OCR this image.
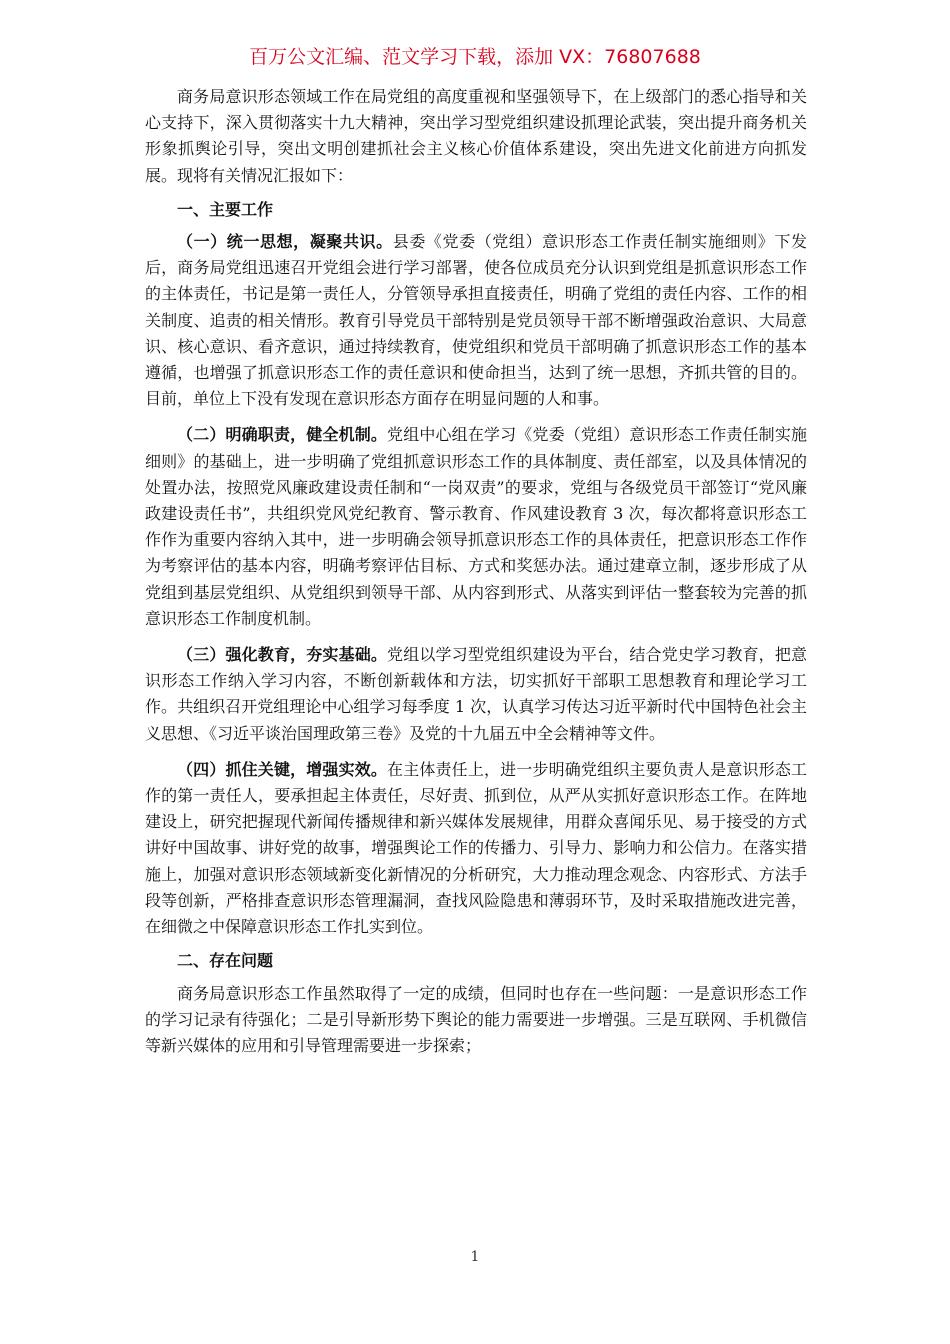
百万公文汇编、范文学习下载，添加 VX：76807688

商务局意识形态领域工作在局党组的高度重视和坚强领导下，在上级部门的悉心指导和关心支持下，深入贯彻落实十九大精神，突出学习型党组织建设抓理论武装，突出提升商务机关形象抓舆论引导，突出文明创建抓社会主义核心价值体系建设，突出先进文化前进方向抓发展。现将有关情况汇报如下：

一、主要工作

（一）统一思想，凝聚共识。县委《党委（党组）意识形态工作责任制实施细则》下发后，商务局党组迅速召开党组会进行学习部署，使各位成员充分认识到党组是抓意识形态工作的主体责任，书记是第一责任人，分管领导承担直接责任，明确了党组的责任内容、工作的相关制度、追责的相关情形。教育引导党员干部特别是党员领导干部不断增强政治意识、大局意识、核心意识、看齐意识，通过持续教育，使党组织和党员干部明确了抓意识形态工作的基本遵循，也增强了抓意识形态工作的责任意识和使命担当，达到了统一思想，齐抓共管的目的。目前，单位上下没有发现在意识形态方面存在明显问题的人和事。

（二）明确职责，健全机制。党组中心组在学习《党委（党组）意识形态工作责任制实施细则》的基础上，进一步明确了党组抓意识形态工作的具体制度、责任部室，以及具体情况的处置办法，按照党风廉政建设责任制和“一岗双责”的要求，党组与各级党员干部签订“党风廉政建设责任书”，共组织党风党纪教育、警示教育、作风建设教育 3 次，每次都将意识形态工作作为重要内容纳入其中，进一步明确会领导抓意识形态工作的具体责任，把意识形态工作作为考察评估的基本内容，明确考察评估目标、方式和奖惩办法。通过建章立制，逐步形成了从党组到基层党组织、从党组织到领导干部、从内容到形式、从落实到评估一整套较为完善的抓意识形态工作制度机制。

（三）强化教育，夯实基础。党组以学习型党组织建设为平台，结合党史学习教育，把意识形态工作纳入学习内容，不断创新载体和方法，切实抓好干部职工思想教育和理论学习工作。共组织召开党组理论中心组学习每季度 1 次，认真学习传达习近平新时代中国特色社会主义思想、《习近平谈治国理政第三卷》及党的十九届五中全会精神等文件。

（四）抓住关键，增强实效。在主体责任上，进一步明确党组织主要负责人是意识形态工作的第一责任人，要承担起主体责任，尽好责、抓到位，从严从实抓好意识形态工作。在阵地建设上，研究把握现代新闻传播规律和新兴媒体发展规律，用群众喜闻乐见、易于接受的方式讲好中国故事、讲好党的故事，增强舆论工作的传播力、引导力、影响力和公信力。在落实措施上，加强对意识形态领域新变化新情况的分析研究，大力推动理念观念、内容形式、方法手段等创新，严格排查意识形态管理漏洞，查找风险隐患和薄弱环节，及时采取措施改进完善，在细微之中保障意识形态工作扎实到位。

二、存在问题

商务局意识形态工作虽然取得了一定的成绩，但同时也存在一些问题：一是意识形态工作的学习记录有待强化；二是引导新形势下舆论的能力需要进一步增强。三是互联网、手机微信等新兴媒体的应用和引导管理需要进一步探索；

1
